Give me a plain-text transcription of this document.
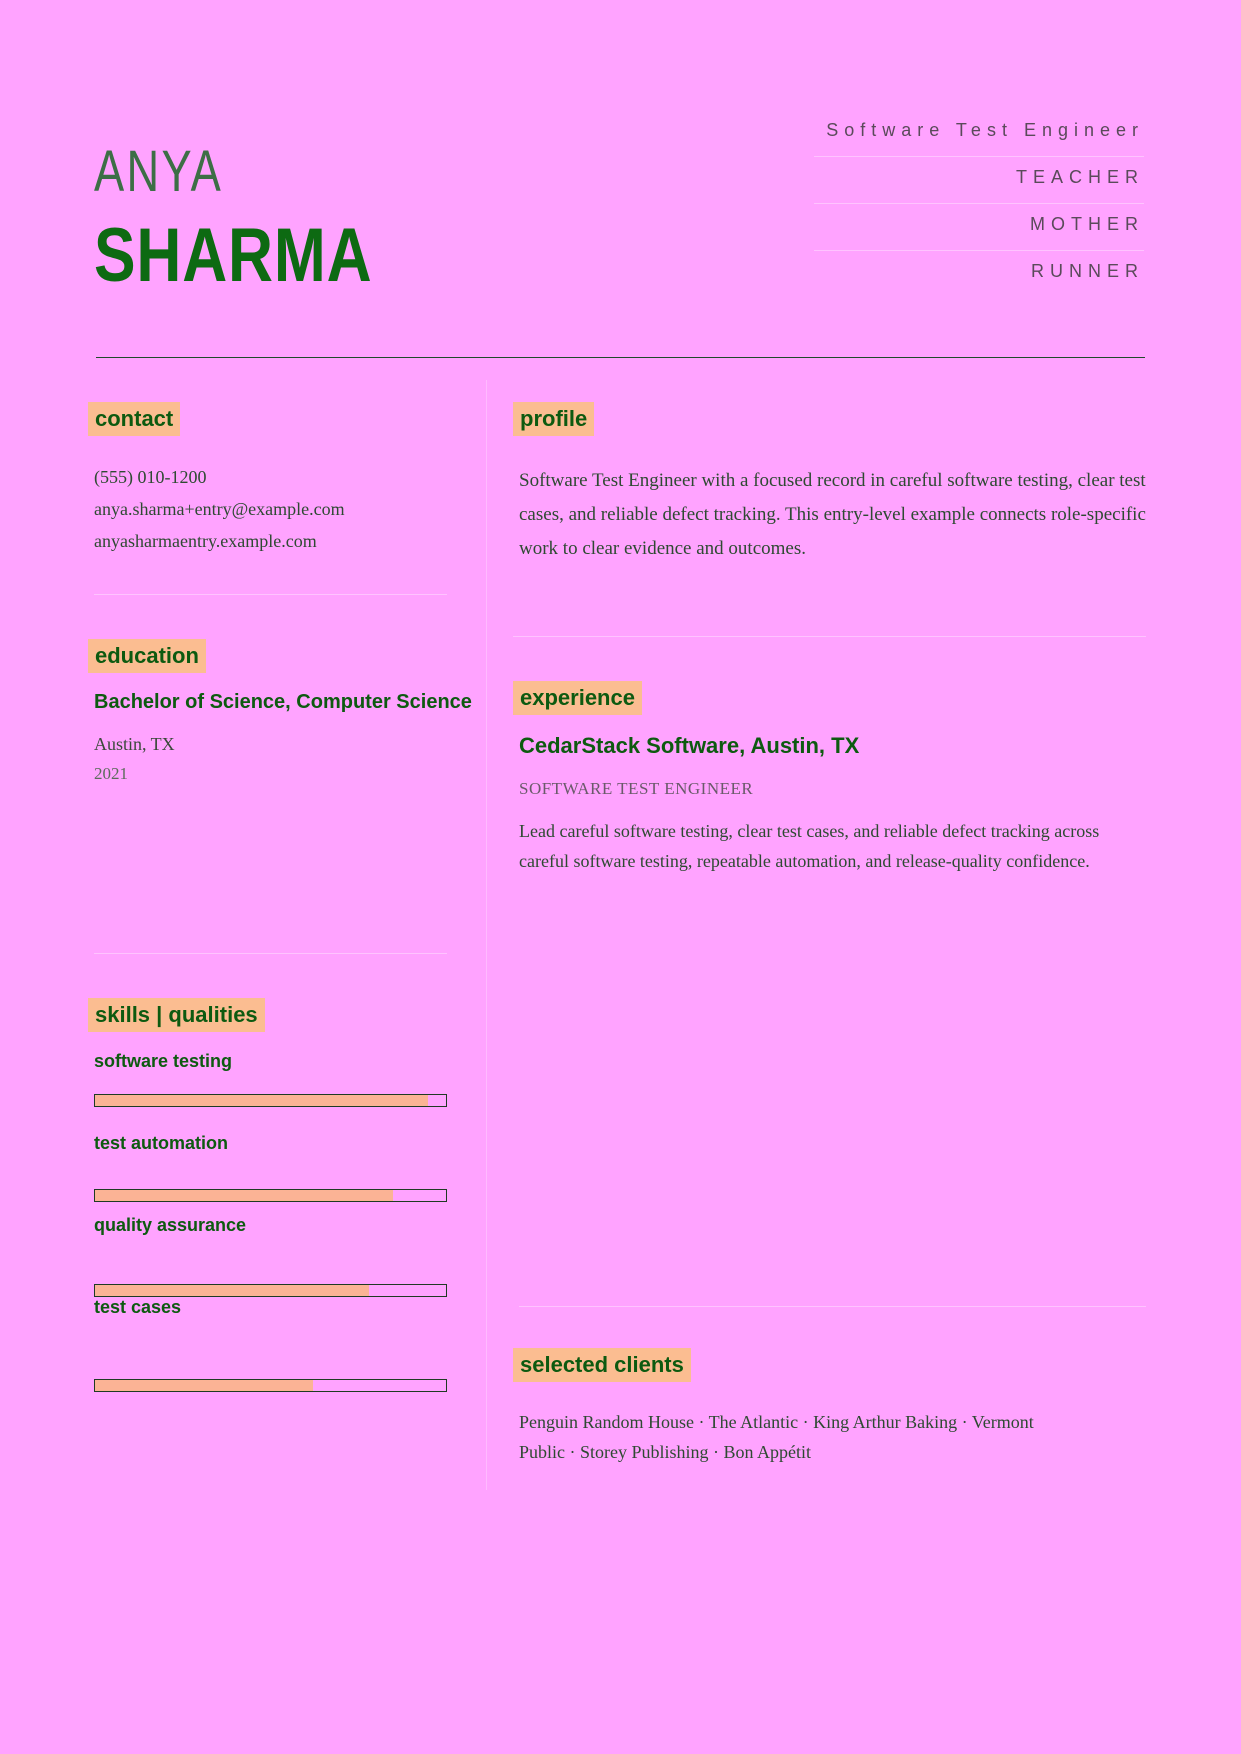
ANYA
SHARMA
Software Test Engineer
TEACHER
MOTHER
RUNNER
contact
(555) 010-1200
anya.sharma+entry@example.com
anyasharmaentry.example.com
education
Bachelor of Science, Computer Science
Austin, TX
2021
skills | qualities
software testing
test automation
quality assurance
test cases
profile
Software Test Engineer with a focused record in careful software testing, clear test cases, and reliable defect tracking. This entry-level example connects role-specific work to clear evidence and outcomes.
experience
CedarStack Software, Austin, TX
SOFTWARE TEST ENGINEER
Lead careful software testing, clear test cases, and reliable defect tracking across careful software testing, repeatable automation, and release-quality confidence.
selected clients
Penguin Random House · The Atlantic · King Arthur Baking · Vermont Public · Storey Publishing · Bon Appétit
